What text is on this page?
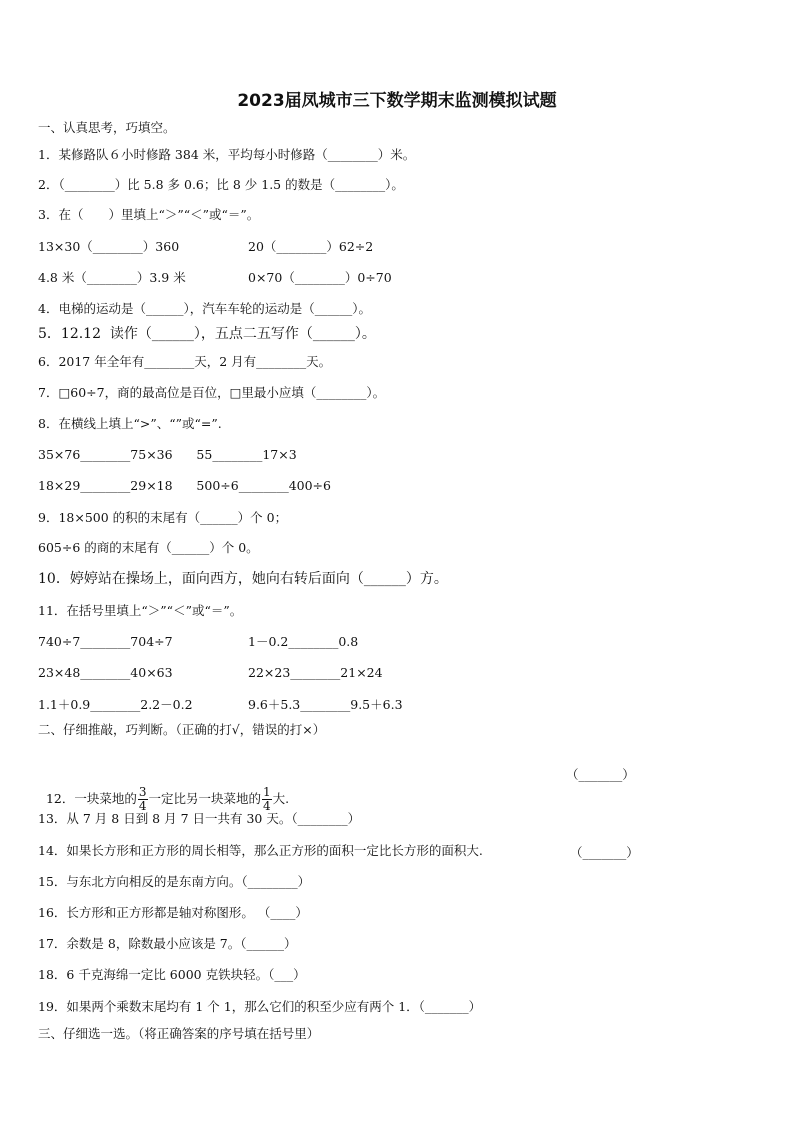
2023届凤城市三下数学期末监测模拟试题
一、认真思考，巧填空。
1．某修路队６小时修路 384 米，平均每小时修路（________）米。
2．（________）比 5.8 多 0.6；比 8 少 1.5 的数是（________）。
3．在（　　）里填上“＞”“＜”或“＝”。
13×30（________）360	20（________）62÷2
4.8 米（________）3.9 米	0×70（________）0÷70
4．电梯的运动是（______），汽车车轮的运动是（______）。
5．12.12  读作（______），五点二五写作（______）。
6．2017 年全年有________天，2 月有________天。
7．□60÷7，商的最高位是百位，□里最小应填（________）。
8．在横线上填上“>”、“”或“=”.
35×76________75×36      55________17×3
18×29________29×18      500÷6________400÷6
9．18×500 的积的末尾有（______）个 0；
605÷6 的商的末尾有（______）个 0。
10．婷婷站在操场上，面向西方，她向右转后面向（______）方。
11．在括号里填上“＞”“＜”或“＝”。
740÷7________704÷7	1－0.2________0.8
23×48________40×63	22×23________21×24
1.1＋0.9________2.2－0.2	9.6＋5.3________9.5＋6.3
二、仔细推敲，巧判断。（正确的打√，错误的打×）

12．一块菜地的 $\frac{3}{4}$ 一定比另一块菜地的 $\frac{1}{4}$ 大.

（_______）
13．从 7 月 8 日到 8 月 7 日一共有 30 天。（________）
14．如果长方形和正方形的周长相等，那么正方形的面积一定比长方形的面积大.	（_______）
15．与东北方向相反的是东南方向。（________）
16．长方形和正方形都是轴对称图形。 （____）
17．余数是 8，除数最小应该是 7。（______）
18．6 千克海绵一定比 6000 克铁块轻。（___）
19．如果两个乘数末尾均有 1 个 1，那么它们的积至少应有两个 1．（_______）
三、仔细选一选。（将正确答案的序号填在括号里）
